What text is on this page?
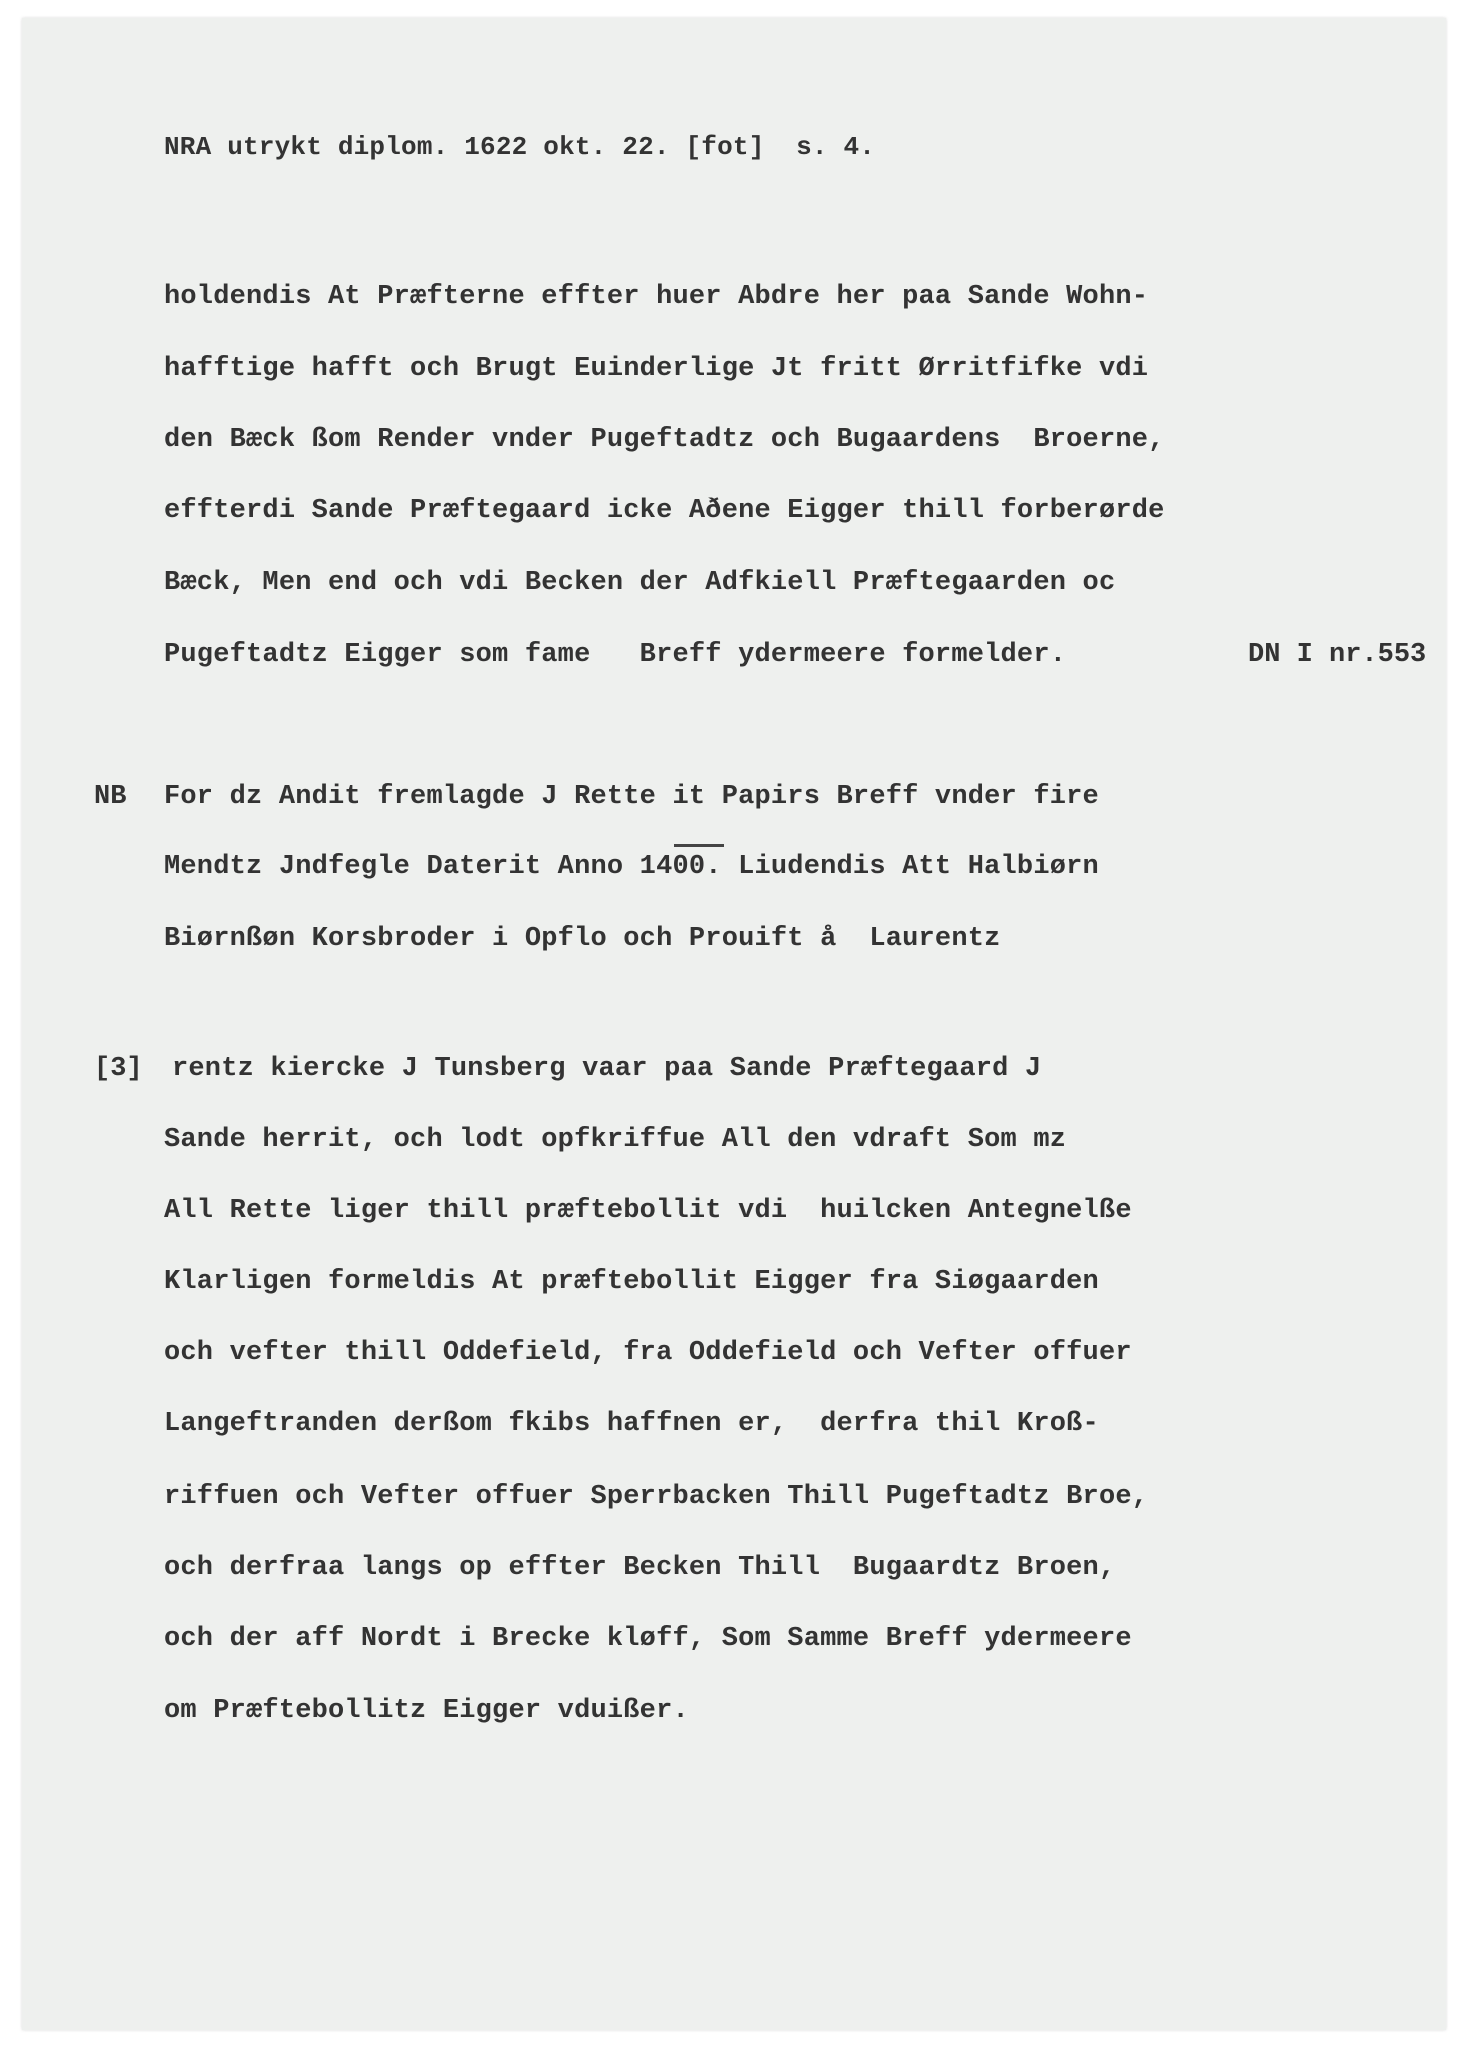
NRA utrykt diplom. 1622 okt. 22. [fot]  s. 4.
holdendis At Præfterne effter huer Abdre her paa Sande Wohn-
hafftige hafft och Brugt Euinderlige Jt fritt Ørritfifke vdi
den Bæck ßom Render vnder Pugeftadtz och Bugaardens  Broerne,
effterdi Sande Præftegaard icke Aðene Eigger thill forberørde
Bæck, Men end och vdi Becken der Adfkiell Præftegaarden oc
Pugeftadtz Eigger som fame   Breff ydermeere formelder.	DN I nr.553
NB For dz Andit fremlagde J Rette it Papirs Breff vnder fire
Mendtz Jndfegle Daterit Anno 1400. Liudendis Att Halbiørn
Biørnßøn Korsbroder i Opflo och Prouift å  Laurentz
[3] rentz kiercke J Tunsberg vaar paa Sande Præftegaard J
Sande herrit, och lodt opfkriffue All den vdraft Som mz
All Rette liger thill præftebollit vdi  huilcken Antegnelße
Klarligen formeldis At præftebollit Eigger fra Siøgaarden
och vefter thill Oddefield, fra Oddefield och Vefter offuer
Langeftranden derßom fkibs haffnen er,  derfra thil Kroß-
riffuen och Vefter offuer Sperrbacken Thill Pugeftadtz Broe,
och derfraa langs op effter Becken Thill  Bugaardtz Broen,
och der aff Nordt i Brecke kløff, Som Samme Breff ydermeere
om Præftebollitz Eigger vduißer.
